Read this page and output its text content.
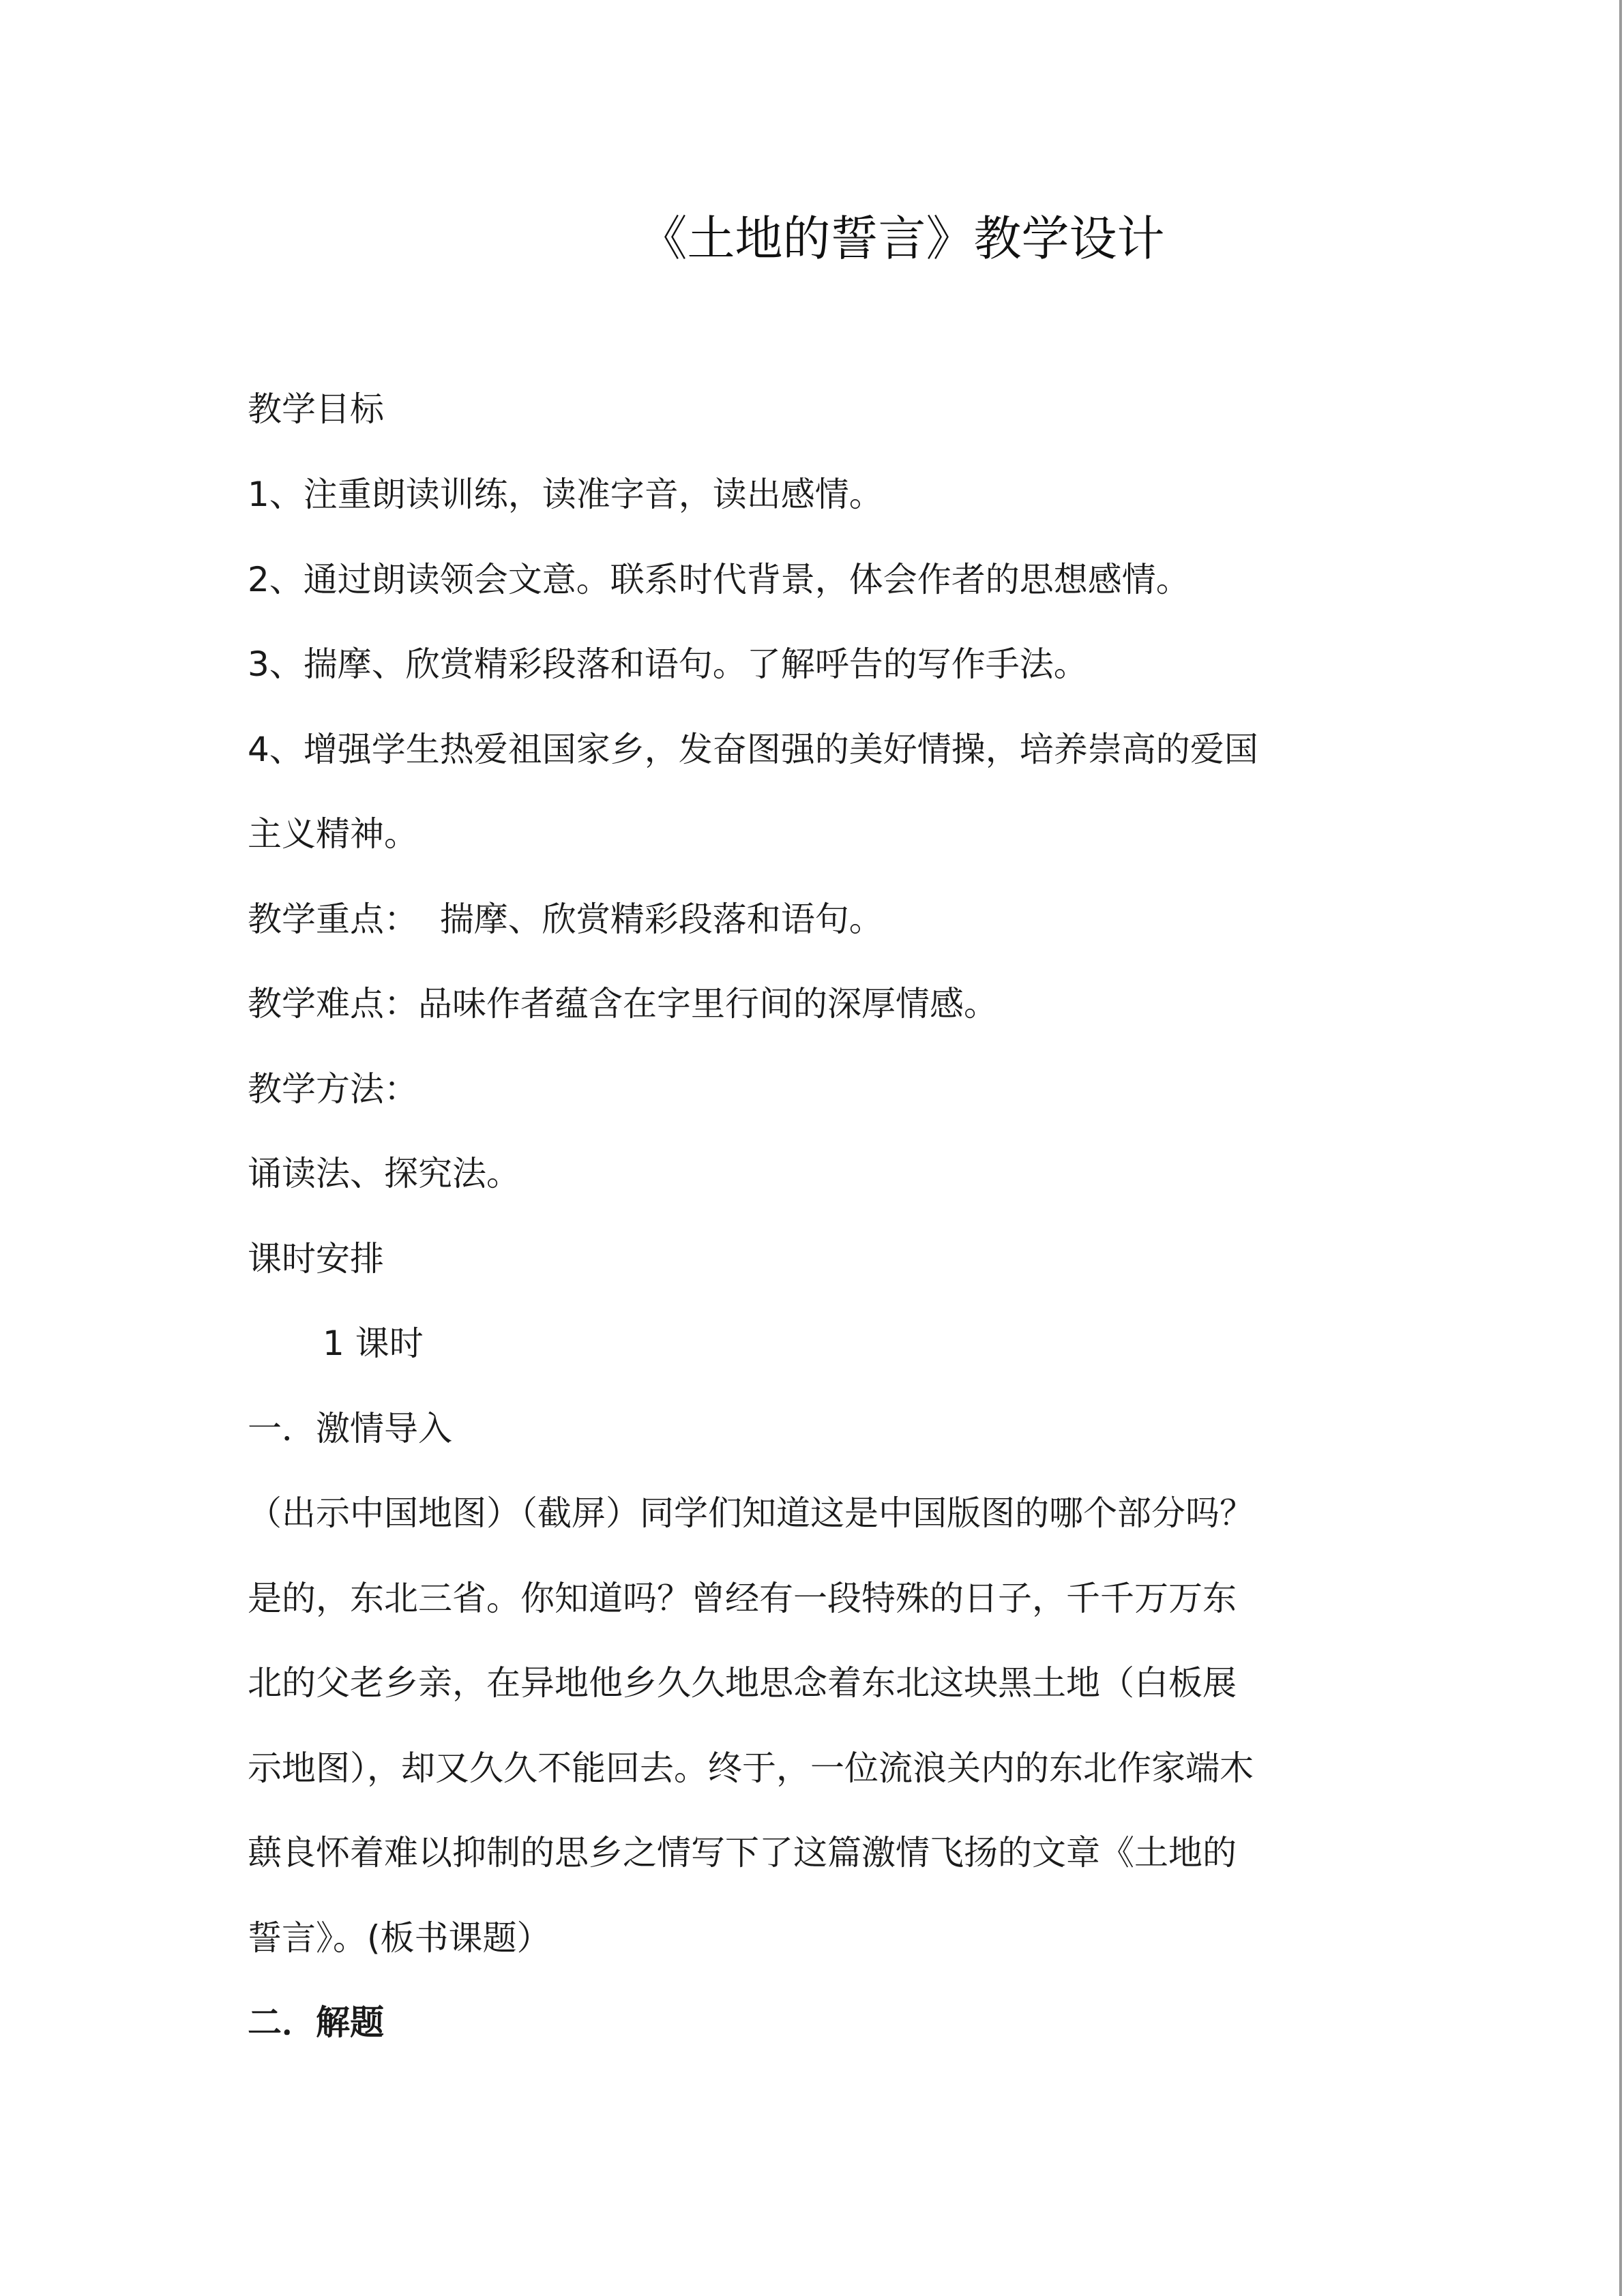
《土地的誓言》教学设计
教学目标
1、注重朗读训练，读准字音，读出感情。
2、通过朗读领会文意。联系时代背景，体会作者的思想感情。
3、揣摩、欣赏精彩段落和语句。了解呼告的写作手法。
4、增强学生热爱祖国家乡，发奋图强的美好情操，培养崇高的爱国
主义精神。
教学重点：  揣摩、欣赏精彩段落和语句。
教学难点：品味作者蕴含在字里行间的深厚情感。
教学方法：
诵读法、探究法。
课时安排
1 课时
一．激情导入
（出示中国地图）（截屏）同学们知道这是中国版图的哪个部分吗？
是的，东北三省。你知道吗？曾经有一段特殊的日子，千千万万东
北的父老乡亲，在异地他乡久久地思念着东北这块黑土地（白板展
示地图），却又久久不能回去。终于，一位流浪关内的东北作家端木
蕻良怀着难以抑制的思乡之情写下了这篇激情飞扬的文章《土地的
誓言》。(板书课题）
二．解题
